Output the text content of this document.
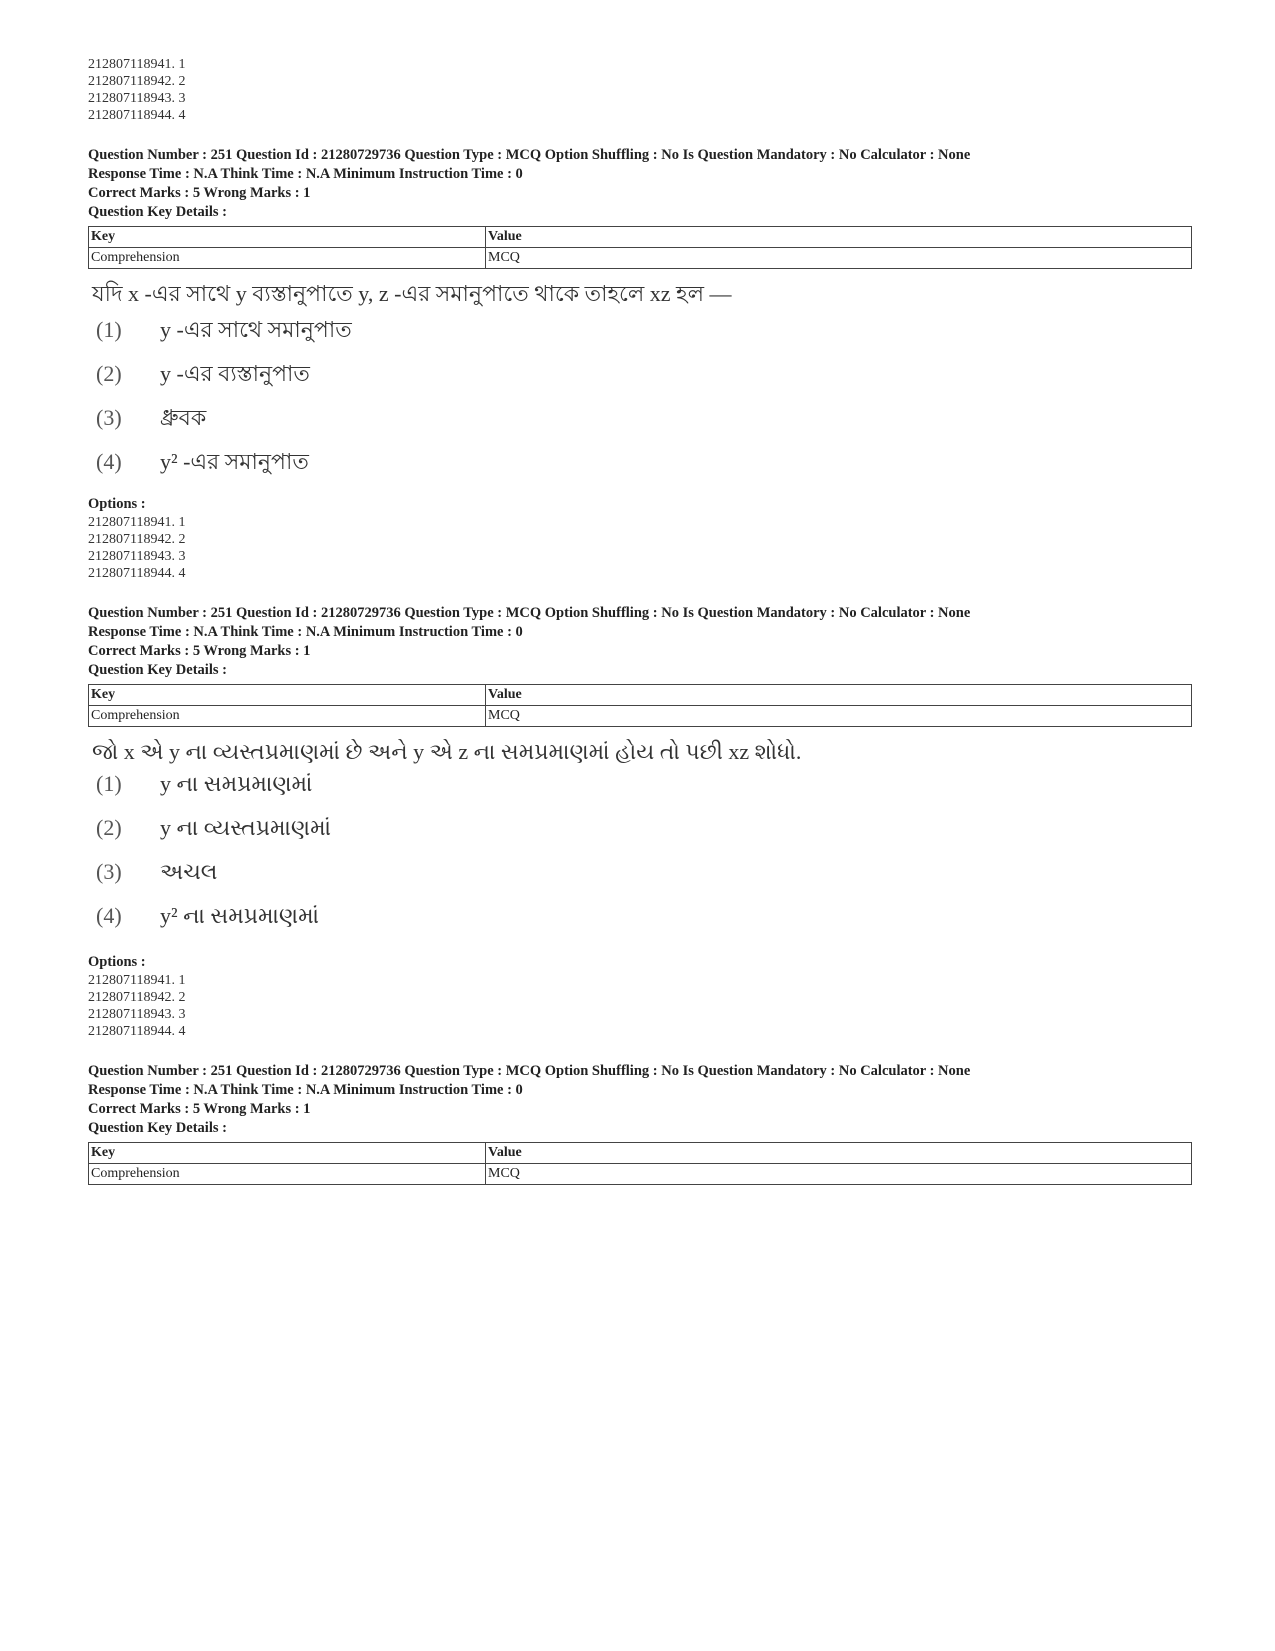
212807118941. 1
212807118942. 2
212807118943. 3
212807118944. 4
Question Number : 251 Question Id : 21280729736 Question Type : MCQ Option Shuffling : No Is Question Mandatory : No Calculator : None
Response Time : N.A Think Time : N.A Minimum Instruction Time : 0
Correct Marks : 5 Wrong Marks : 1
Question Key Details :
Key	Value
Comprehension	MCQ
যদি x -এর সাথে y ব্যস্তানুপাতে y, z -এর সমানুপাতে থাকে তাহলে xz হল —
(1)	y -এর সাথে সমানুপাত
(2)	y -এর ব্যস্তানুপাত
(3)	ধ্রুবক
(4)	y² -এর সমানুপাত
Options :
212807118941. 1
212807118942. 2
212807118943. 3
212807118944. 4
Question Number : 251 Question Id : 21280729736 Question Type : MCQ Option Shuffling : No Is Question Mandatory : No Calculator : None
Response Time : N.A Think Time : N.A Minimum Instruction Time : 0
Correct Marks : 5 Wrong Marks : 1
Question Key Details :
Key	Value
Comprehension	MCQ
જો x એ y ના વ્યસ્તપ્રમાણમાં છે અને y એ z ના સમપ્રમાણમાં હોય તો પછી xz શોધો.
(1)	y ના સમપ્રમાણમાં
(2)	y ના વ્યસ્તપ્રમાણમાં
(3)	અચલ
(4)	y² ના સમપ્રમાણમાં
Options :
212807118941. 1
212807118942. 2
212807118943. 3
212807118944. 4
Question Number : 251 Question Id : 21280729736 Question Type : MCQ Option Shuffling : No Is Question Mandatory : No Calculator : None
Response Time : N.A Think Time : N.A Minimum Instruction Time : 0
Correct Marks : 5 Wrong Marks : 1
Question Key Details :
Key	Value
Comprehension	MCQ
